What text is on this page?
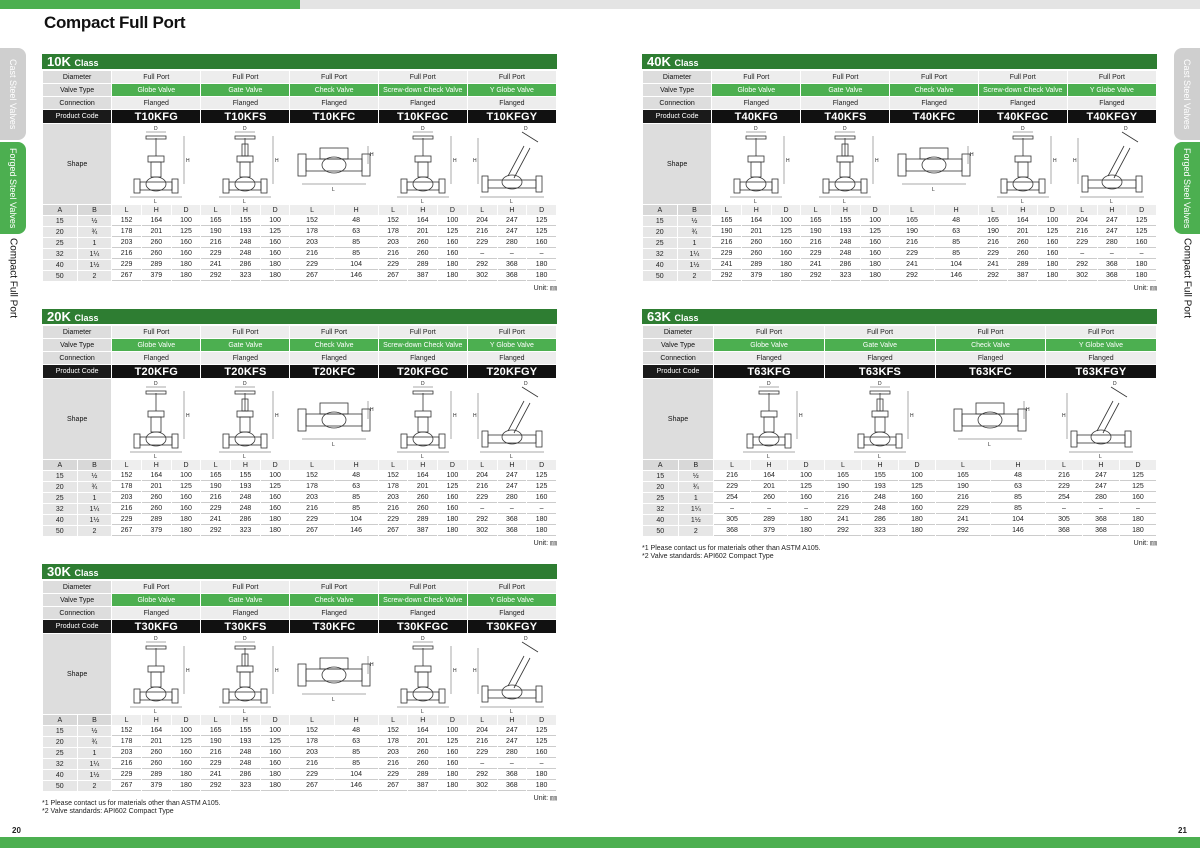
Compact Full Port
Cast Steel Valves
Forged Steel Valves
Compact Full Port
Cast Steel Valves
Forged Steel Valves
Compact Full Port
10K Class
Diameter		Full Port			Full Port			Full Port		Full Port			Full Port		
Valve Type		Globe Valve			Gate Valve			Check Valve		Screw-down Check Valve			Y Globe Valve		
Connection		Flanged			Flanged			Flanged		Flanged			Flanged		
Product Code		T10KFG			T10KFS			T10KFC		T10KFGC			T10KFGY		
Shape		D
L
H			D
L
H			L
H		D
L
H			D
L
H		

A	B	L	H	D	L	H	D	L	H	L	H	D	L	H	D
15	½	152	164	100	165	155	100	152	48	152	164	100	204	247	125
20	¾	178	201	125	190	193	125	178	63	178	201	125	216	247	125
25	1	203	260	160	216	248	160	203	85	203	260	160	229	280	160
32	1¼	216	260	160	229	248	160	216	85	216	260	160	–	–	–
40	1½	229	289	180	241	286	180	229	104	229	289	180	292	368	180
50	2	267	379	180	292	323	180	267	146	267	387	180	302	368	180
Unit: ㎜
20K Class
Diameter		Full Port			Full Port			Full Port		Full Port			Full Port		
Valve Type		Globe Valve			Gate Valve			Check Valve		Screw-down Check Valve			Y Globe Valve		
Connection		Flanged			Flanged			Flanged		Flanged			Flanged		
Product Code		T20KFG			T20KFS			T20KFC		T20KFGC			T20KFGY		
Shape		D
L
H			D
L
H			L
H		D
L
H			D
L
H		

A	B	L	H	D	L	H	D	L	H	L	H	D	L	H	D
15	½	152	164	100	165	155	100	152	48	152	164	100	204	247	125
20	¾	178	201	125	190	193	125	178	63	178	201	125	216	247	125
25	1	203	260	160	216	248	160	203	85	203	260	160	229	280	160
32	1¼	216	260	160	229	248	160	216	85	216	260	160	–	–	–
40	1½	229	289	180	241	286	180	229	104	229	289	180	292	368	180
50	2	267	379	180	292	323	180	267	146	267	387	180	302	368	180
Unit: ㎜
30K Class
Diameter		Full Port			Full Port			Full Port		Full Port			Full Port		
Valve Type		Globe Valve			Gate Valve			Check Valve		Screw-down Check Valve			Y Globe Valve		
Connection		Flanged			Flanged			Flanged		Flanged			Flanged		
Product Code		T30KFG			T30KFS			T30KFC		T30KFGC			T30KFGY		
Shape		D
L
H			D
L
H			L
H		D
L
H			D
L
H		

A	B	L	H	D	L	H	D	L	H	L	H	D	L	H	D
15	½	152	164	100	165	155	100	152	48	152	164	100	204	247	125
20	¾	178	201	125	190	193	125	178	63	178	201	125	216	247	125
25	1	203	260	160	216	248	160	203	85	203	260	160	229	280	160
32	1¼	216	260	160	229	248	160	216	85	216	260	160	–	–	–
40	1½	229	289	180	241	286	180	229	104	229	289	180	292	368	180
50	2	267	379	180	292	323	180	267	146	267	387	180	302	368	180
Unit: ㎜
40K Class
Diameter		Full Port			Full Port			Full Port		Full Port			Full Port		
Valve Type		Globe Valve			Gate Valve			Check Valve		Screw-down Check Valve			Y Globe Valve		
Connection		Flanged			Flanged			Flanged		Flanged			Flanged		
Product Code		T40KFG			T40KFS			T40KFC		T40KFGC			T40KFGY		
Shape		D
L
H			D
L
H			L
H		D
L
H			D
L
H		

A	B	L	H	D	L	H	D	L	H	L	H	D	L	H	D
15	½	165	164	100	165	155	100	165	48	165	164	100	204	247	125
20	¾	190	201	125	190	193	125	190	63	190	201	125	216	247	125
25	1	216	260	160	216	248	160	216	85	216	260	160	229	280	160
32	1¼	229	260	160	229	248	160	229	85	229	260	160	–	–	–
40	1½	241	289	180	241	286	180	241	104	241	289	180	292	368	180
50	2	292	379	180	292	323	180	292	146	292	387	180	302	368	180
Unit: ㎜
63K Class
Diameter		Full Port			Full Port			Full Port		Full Port		
Valve Type		Globe Valve			Gate Valve			Check Valve		Y Globe Valve		
Connection		Flanged			Flanged			Flanged		Flanged		
Product Code		T63KFG			T63KFS			T63KFC		T63KFGY		
Shape		D
L
H			D
L
H			L
H		D
L
H		

A	B	L	H	D	L	H	D	L	H	L	H	D
15	½	216	164	100	165	155	100	165	48	216	247	125
20	¾	229	201	125	190	193	125	190	63	229	247	125
25	1	254	260	160	216	248	160	216	85	254	280	160
32	1¼	–	–	–	229	248	160	229	85	–	–	–
40	1½	305	289	180	241	286	180	241	104	305	368	180
50	2	368	379	180	292	323	180	292	146	368	368	180
Unit: ㎜
*1 Please contact us for materials other than ASTM A105.
*2 Valve standards: API602 Compact Type
*1 Please contact us for materials other than ASTM A105.
*2 Valve standards: API602 Compact Type
20	21
